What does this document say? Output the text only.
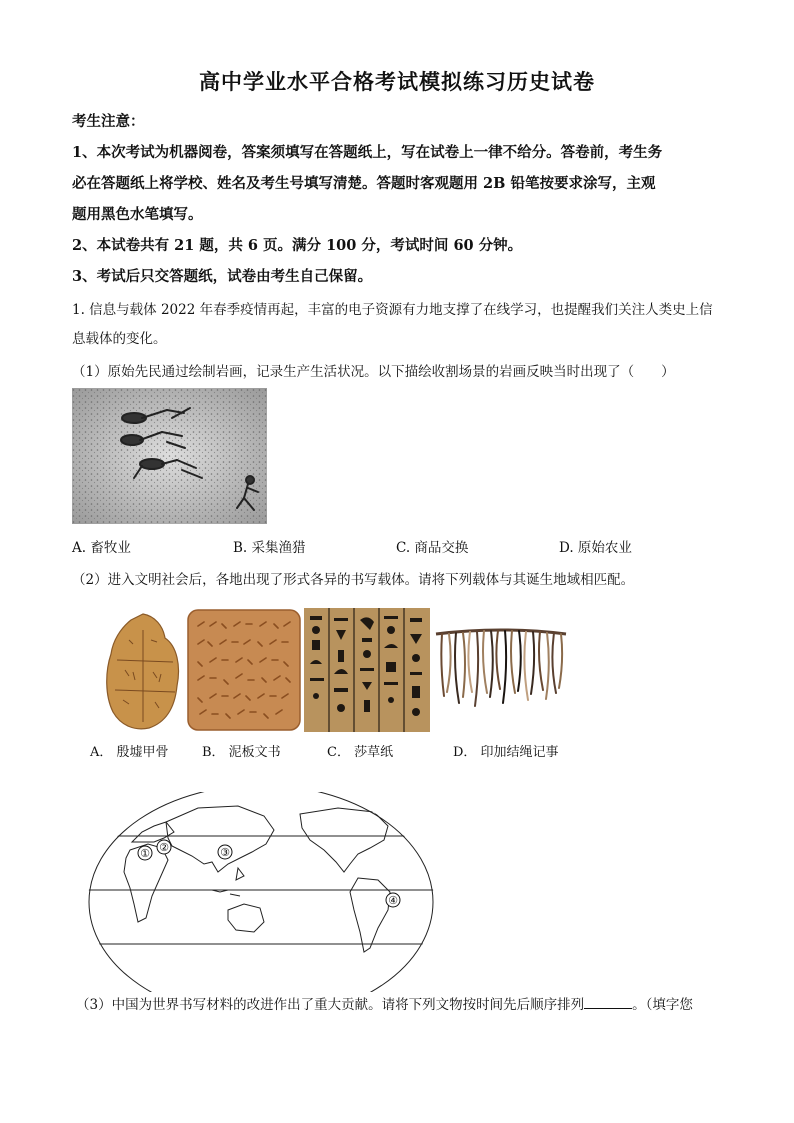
高中学业水平合格考试模拟练习历史试卷
考生注意：
1、本次考试为机器阅卷，答案须填写在答题纸上，写在试卷上一律不给分。答卷前，考生务
必在答题纸上将学校、姓名及考生号填写清楚。答题时客观题用 2B 铅笔按要求涂写，主观
题用黑色水笔填写。
2、本试卷共有 21 题，共 6 页。满分 100 分，考试时间 60 分钟。
3、考试后只交答题纸，试卷由考生自己保留。
1. 信息与载体 2022 年春季疫情再起，丰富的电子资源有力地支撑了在线学习，也提醒我们关注人类史上信
息载体的变化。
（1）原始先民通过绘制岩画，记录生产生活状况。以下描绘收割场景的岩画反映当时出现了（　　）
A. 畜牧业	B. 采集渔猎	C. 商品交换	D. 原始农业
（2）进入文明社会后，各地出现了形式各异的书写载体。请将下列载体与其诞生地域相匹配。
A． 殷墟甲骨	B． 泥板文书	C． 莎草纸	D． 印加结绳记事
① ②	③
④
（3）中国为世界书写材料的改进作出了重大贡献。请将下列文物按时间先后顺序排列	。（填字您
